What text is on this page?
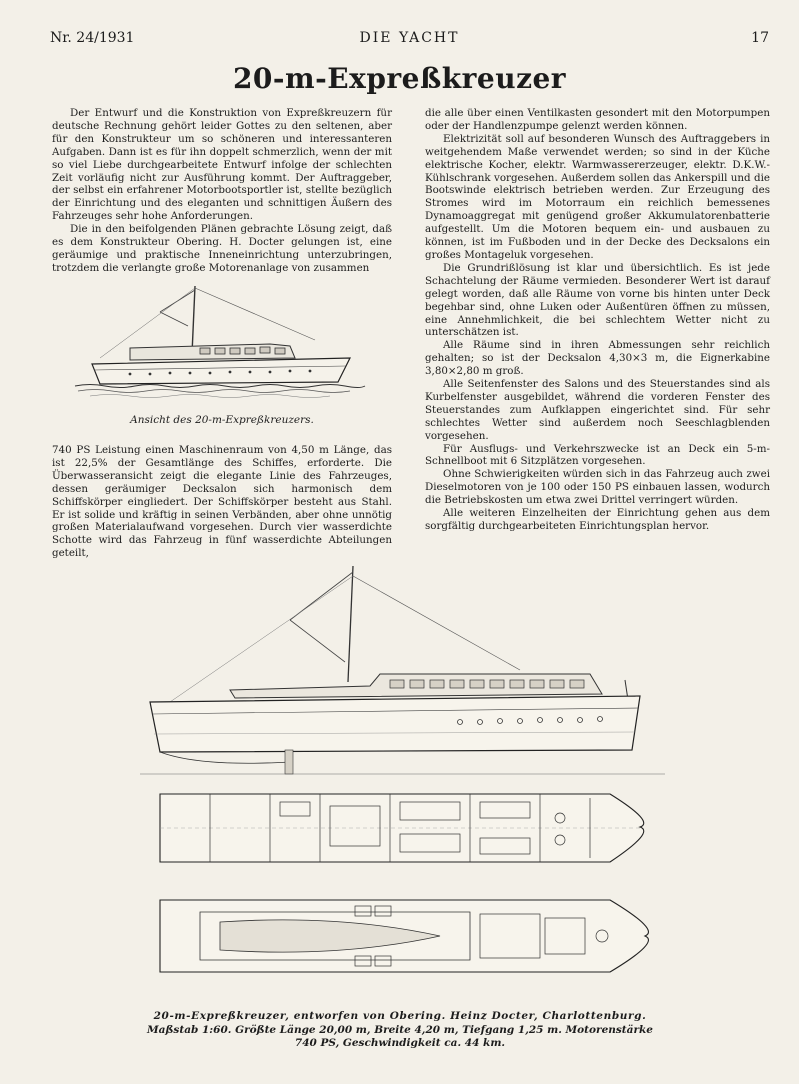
Nr. 24/1931	DIE YACHT	17
20-m-Expreßkreuzer

Der Entwurf und die Konstruktion von Expreßkreuzern für deutsche Rechnung gehört leider Gottes zu den seltenen, aber für den Konstrukteur um so schöneren und interessanteren Aufgaben. Dann ist es für ihn doppelt schmerzlich, wenn der mit so viel Liebe durchgearbeitete Entwurf infolge der schlechten Zeit vorläufig nicht zur Ausführung kommt. Der Auftraggeber, der selbst ein erfahrener Motorbootsportler ist, stellte bezüglich der Einrichtung und des eleganten und schnittigen Äußern des Fahrzeuges sehr hohe Anforderungen.

Die in den beifolgenden Plänen gebrachte Lösung zeigt, daß es dem Konstrukteur Obering. H. Docter gelungen ist, eine geräumige und praktische Inneneinrichtung unterzubringen, trotzdem die verlangte große Motorenanlage von zusammen

Ansicht des 20-m-Expreßkreuzers.

740 PS Leistung einen Maschinenraum von 4,50 m Länge, das ist 22,5% der Gesamtlänge des Schiffes, erforderte. Die Überwasseransicht zeigt die elegante Linie des Fahrzeuges, dessen geräumiger Decksalon sich harmonisch dem Schiffskörper eingliedert. Der Schiffskörper besteht aus Stahl. Er ist solide und kräftig in seinen Verbänden, aber ohne unnötig großen Materialaufwand vorgesehen. Durch vier wasserdichte Schotte wird das Fahrzeug in fünf wasserdichte Abteilungen geteilt,

die alle über einen Ventilkasten gesondert mit den Motorpumpen oder der Handlenzpumpe gelenzt werden können.

Elektrizität soll auf besonderen Wunsch des Auftraggebers in weitgehendem Maße verwendet werden; so sind in der Küche elektrische Kocher, elektr. Warmwassererzeuger, elektr. D.K.W.-Kühlschrank vorgesehen. Außerdem sollen das Ankerspill und die Bootswinde elektrisch betrieben werden. Zur Erzeugung des Stromes wird im Motorraum ein reichlich bemessenes Dynamoaggregat mit genügend großer Akkumulatorenbatterie aufgestellt. Um die Motoren bequem ein- und ausbauen zu können, ist im Fußboden und in der Decke des Decksalons ein großes Montageluk vorgesehen.

Die Grundrißlösung ist klar und übersichtlich. Es ist jede Schachtelung der Räume vermieden. Besonderer Wert ist darauf gelegt worden, daß alle Räume von vorne bis hinten unter Deck begehbar sind, ohne Luken oder Außentüren öffnen zu müssen, eine Annehmlichkeit, die bei schlechtem Wetter nicht zu unterschätzen ist.

Alle Räume sind in ihren Abmessungen sehr reichlich gehalten; so ist der Decksalon 4,30×3 m, die Eignerkabine 3,80×2,80 m groß.

Alle Seitenfenster des Salons und des Steuerstandes sind als Kurbelfenster ausgebildet, während die vorderen Fenster des Steuerstandes zum Aufklappen eingerichtet sind. Für sehr schlechtes Wetter sind außerdem noch Seeschlagblenden vorgesehen.

Für Ausflugs- und Verkehrszwecke ist an Deck ein 5-m-Schnellboot mit 6 Sitzplätzen vorgesehen.

Ohne Schwierigkeiten würden sich in das Fahrzeug auch zwei Dieselmotoren von je 100 oder 150 PS einbauen lassen, wodurch die Betriebskosten um etwa zwei Drittel verringert würden.

Alle weiteren Einzelheiten der Einrichtung gehen aus dem sorgfältig durchgearbeiteten Einrichtungsplan hervor.

20-m-Expreßkreuzer, entworfen von Obering. Heinz Docter, Charlottenburg.
Maßstab 1:60. Größte Länge 20,00 m, Breite 4,20 m, Tiefgang 1,25 m. Motorenstärke
740 PS, Geschwindigkeit ca. 44 km.
